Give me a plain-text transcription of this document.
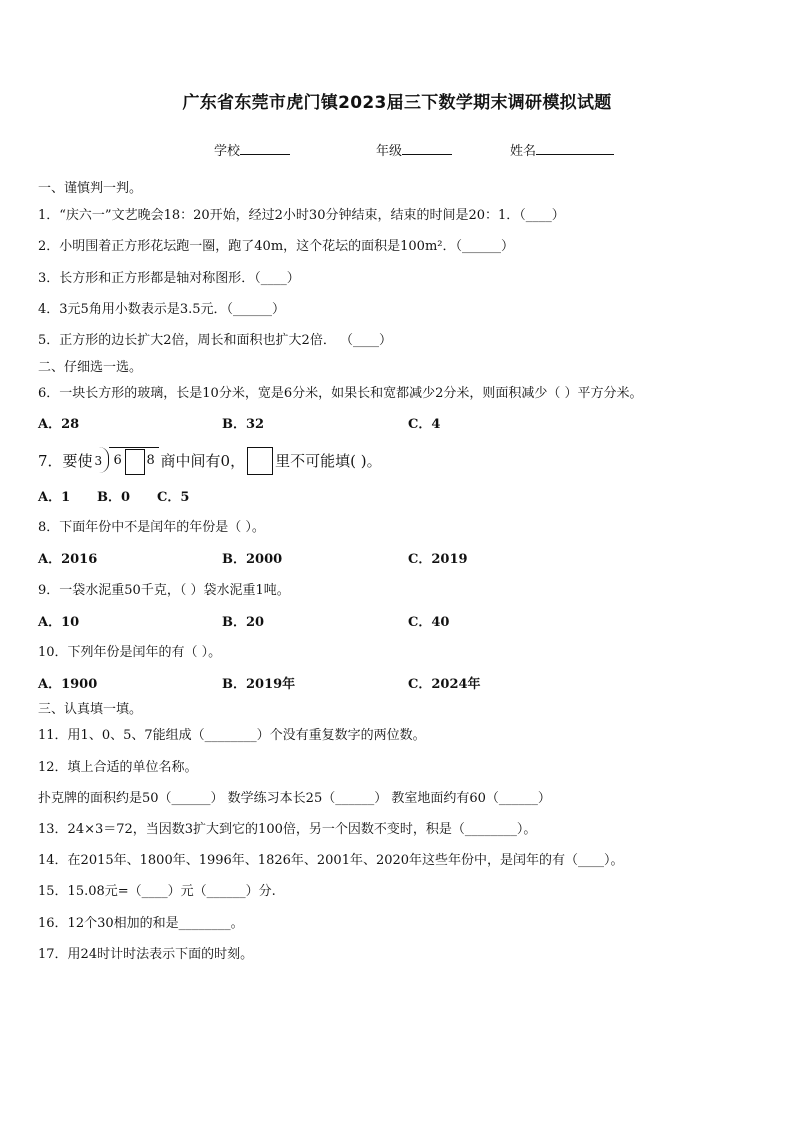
广东省东莞市虎门镇2023届三下数学期末调研模拟试题
学校	年级	姓名
一、谨慎判一判。
1．“庆六一”文艺晚会18：20开始，经过2小时30分钟结束，结束的时间是20：1．（____）
2．小明围着正方形花坛跑一圈，跑了40m，这个花坛的面积是100m²．（______）
3．长方形和正方形都是轴对称图形．（____）
4．3元5角用小数表示是3.5元．（______）
5．正方形的边长扩大2倍，周长和面积也扩大2倍． （____）
二、仔细选一选。
6．一块长方形的玻璃，长是10分米，宽是6分米，如果长和宽都减少2分米，则面积减少（ ）平方分米。
A．28	B．32	C．4
7．要使 3 6 8 商中间有0， 里不可能填( )。
A．1 B．0 C．5
8．下面年份中不是闰年的年份是（ ）。
A．2016	B．2000	C．2019
9．一袋水泥重50千克，（ ）袋水泥重1吨。
A．10	B．20	C．40
10．下列年份是闰年的有（ ）。
A．1900	B．2019年	C．2024年
三、认真填一填。
11．用1、0、5、7能组成（________）个没有重复数字的两位数。
12．填上合适的单位名称。
扑克牌的面积约是50（______） 数学练习本长25（______） 教室地面约有60（______）
13．24×3＝72，当因数3扩大到它的100倍，另一个因数不变时，积是（________）。
14．在2015年、1800年、1996年、1826年、2001年、2020年这些年份中，是闰年的有（____）。
15．15.08元=（____）元（______）分.
16．12个30相加的和是________。
17．用24时计时法表示下面的时刻。
